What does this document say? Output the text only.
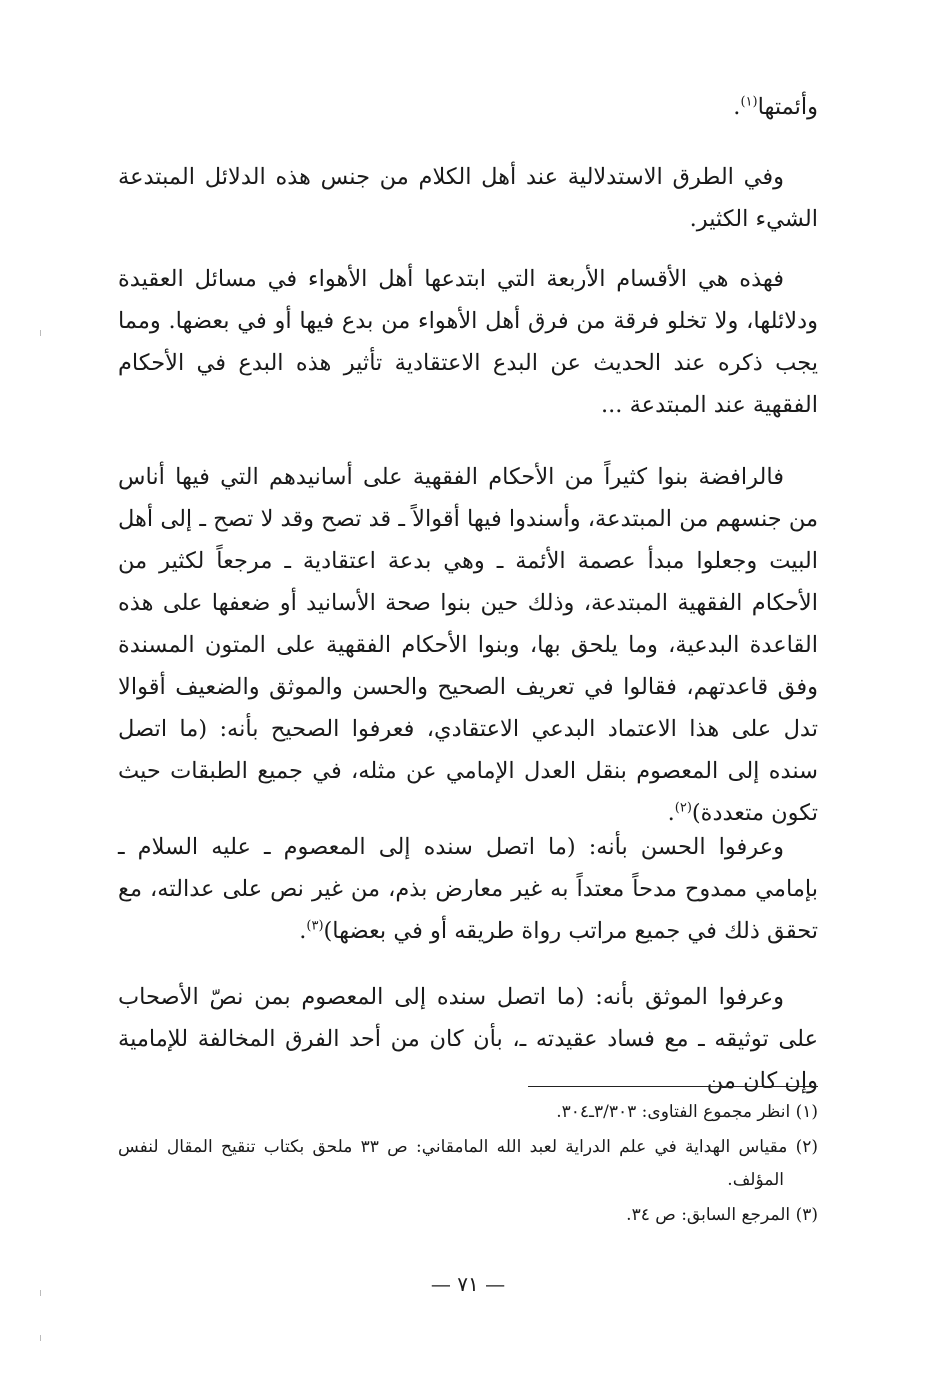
وأئمتها$^{(١)}$.

وفي الطرق الاستدلالية عند أهل الكلام من جنس هذه الدلائل المبتدعة الشيء الكثير.

فهذه هي الأقسام الأربعة التي ابتدعها أهل الأهواء في مسائل العقيدة ودلائلها، ولا تخلو فرقة من فرق أهل الأهواء من بدع فيها أو في بعضها. ومما يجب ذكره عند الحديث عن البدع الاعتقادية تأثير هذه البدع في الأحكام الفقهية عند المبتدعة ...

فالرافضة بنوا كثيراً من الأحكام الفقهية على أسانيدهم التي فيها أناس من جنسهم من المبتدعة، وأسندوا فيها أقوالاً ـ قد تصح وقد لا تصح ـ إلى أهل البيت وجعلوا مبدأ عصمة الأئمة ـ وهي بدعة اعتقادية ـ مرجعاً لكثير من الأحكام الفقهية المبتدعة، وذلك حين بنوا صحة الأسانيد أو ضعفها على هذه القاعدة البدعية، وما يلحق بها، وبنوا الأحكام الفقهية على المتون المسندة وفق قاعدتهم، فقالوا في تعريف الصحيح والحسن والموثق والضعيف أقوالا تدل على هذا الاعتماد البدعي الاعتقادي، فعرفوا الصحيح بأنه: (ما اتصل سنده إلى المعصوم بنقل العدل الإمامي عن مثله، في جميع الطبقات حيث تكون متعددة)$^{(٢)}$.

وعرفوا الحسن بأنه: (ما اتصل سنده إلى المعصوم ـ عليه السلام ـ بإمامي ممدوح مدحاً معتداً به غير معارض بذم، من غير نص على عدالته، مع تحقق ذلك في جميع مراتب رواة طريقه أو في بعضها)$^{(٣)}$.

وعرفوا الموثق بأنه: (ما اتصل سنده إلى المعصوم بمن نصّ الأصحاب على توثيقه ـ مع فساد عقيدته ـ، بأن كان من أحد الفرق المخالفة للإمامية وإن كان من

(١) انظر مجموع الفتاوى: ٣/٣٠٣ـ٣٠٤.

(٢) مقياس الهداية في علم الدراية لعبد الله المامقاني: ص ٣٣ ملحق بكتاب تنقيح المقال لنفس المؤلف.

(٣) المرجع السابق: ص ٣٤.

— ٧١ —
